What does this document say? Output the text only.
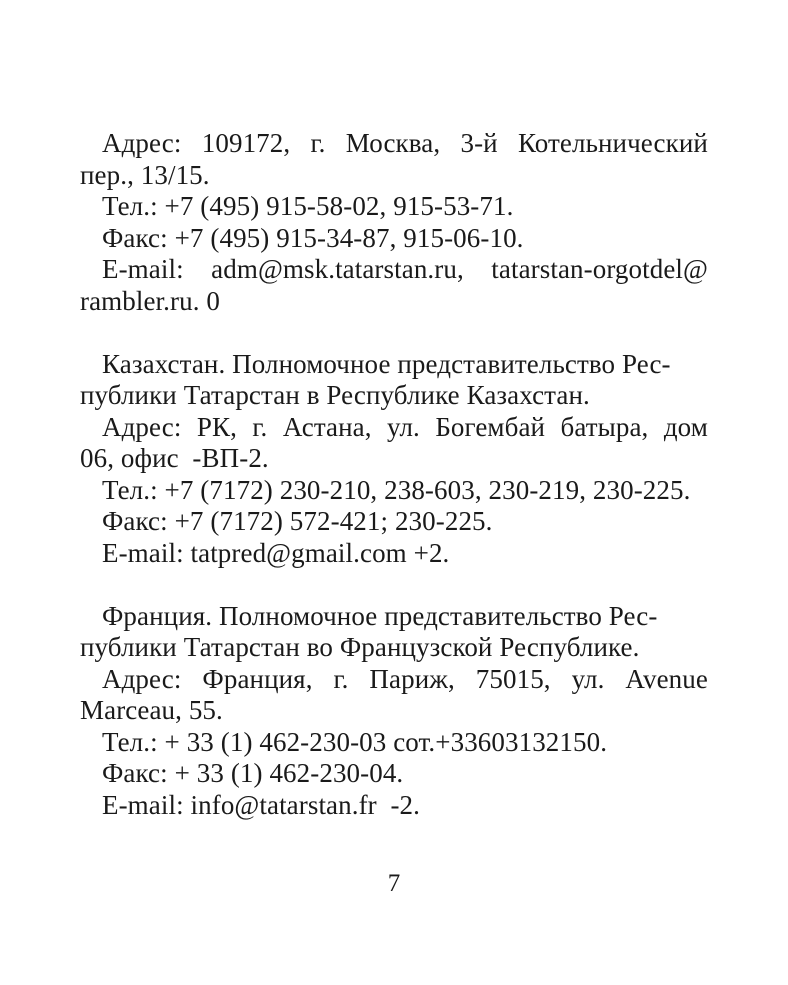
Адрес: 109172, г. Москва, 3-й Котельнический
пер., 13/15.
Тел.: +7 (495) 915-58-02, 915-53-71.
Факс: +7 (495) 915-34-87, 915-06-10.
E-mail: adm@msk.tatarstan.ru, tatarstan-orgotdel@
rambler.ru. 0
Казахстан. Полномочное представительство Рес-
публики Татарстан в Республике Казахстан.
Адрес: РК, г. Астана, ул. Богембай батыра, дом
06, офис  -ВП-2.
Тел.: +7 (7172) 230-210, 238-603, 230-219, 230-225.
Факс: +7 (7172) 572-421; 230-225.
E-mail: tatpred@gmail.com +2.
Франция. Полномочное представительство Рес-
публики Татарстан во Французской Республике.
Адрес: Франция, г. Париж, 75015, ул. Avenue
Marceau, 55.
Тел.: + 33 (1) 462-230-03 сот.+33603132150.
Факс: + 33 (1) 462-230-04.
E-mail: info@tatarstan.fr  -2.
7
